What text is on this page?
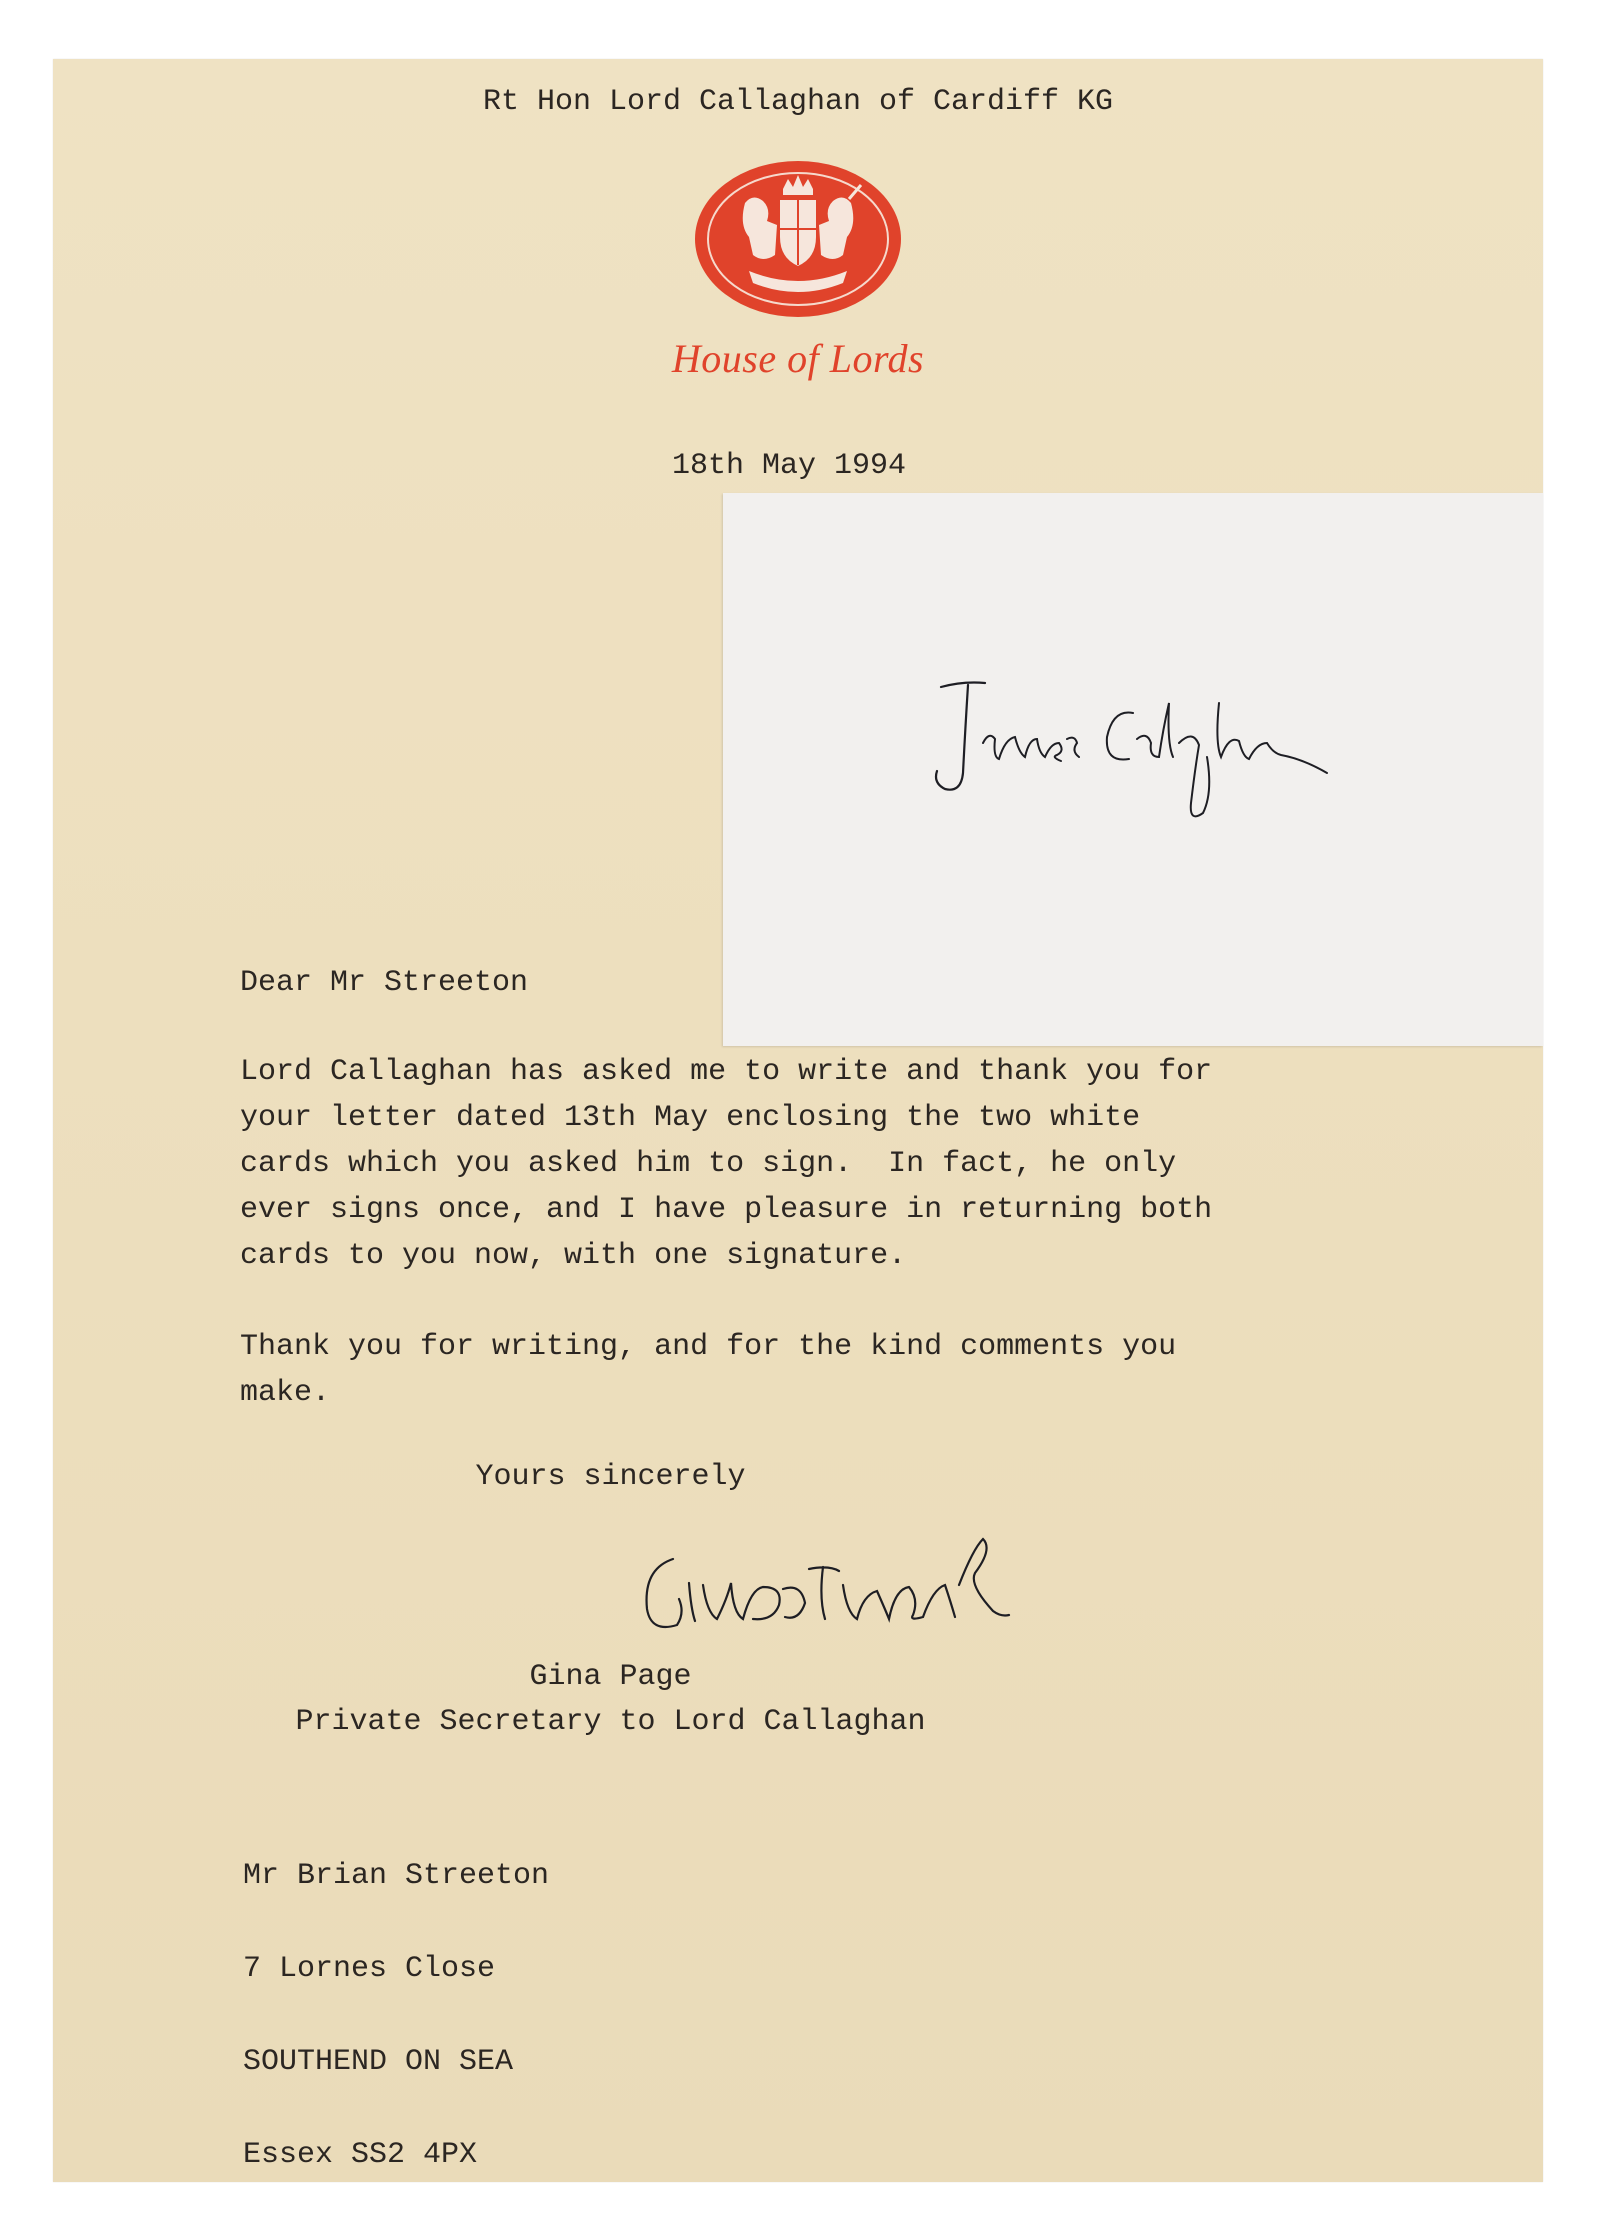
Rt Hon Lord Callaghan of Cardiff KG
House of Lords
18th May 1994
Dear Mr Streeton
Lord Callaghan has asked me to write and thank you for
your letter dated 13th May enclosing the two white
cards which you asked him to sign.  In fact, he only
ever signs once, and I have pleasure in returning both
cards to you now, with one signature.
Thank you for writing, and for the kind comments you
make.
Yours sincerely
Gina Page
Private Secretary to Lord Callaghan

Mr Brian Streeton

7 Lornes Close

SOUTHEND ON SEA

Essex SS2 4PX
